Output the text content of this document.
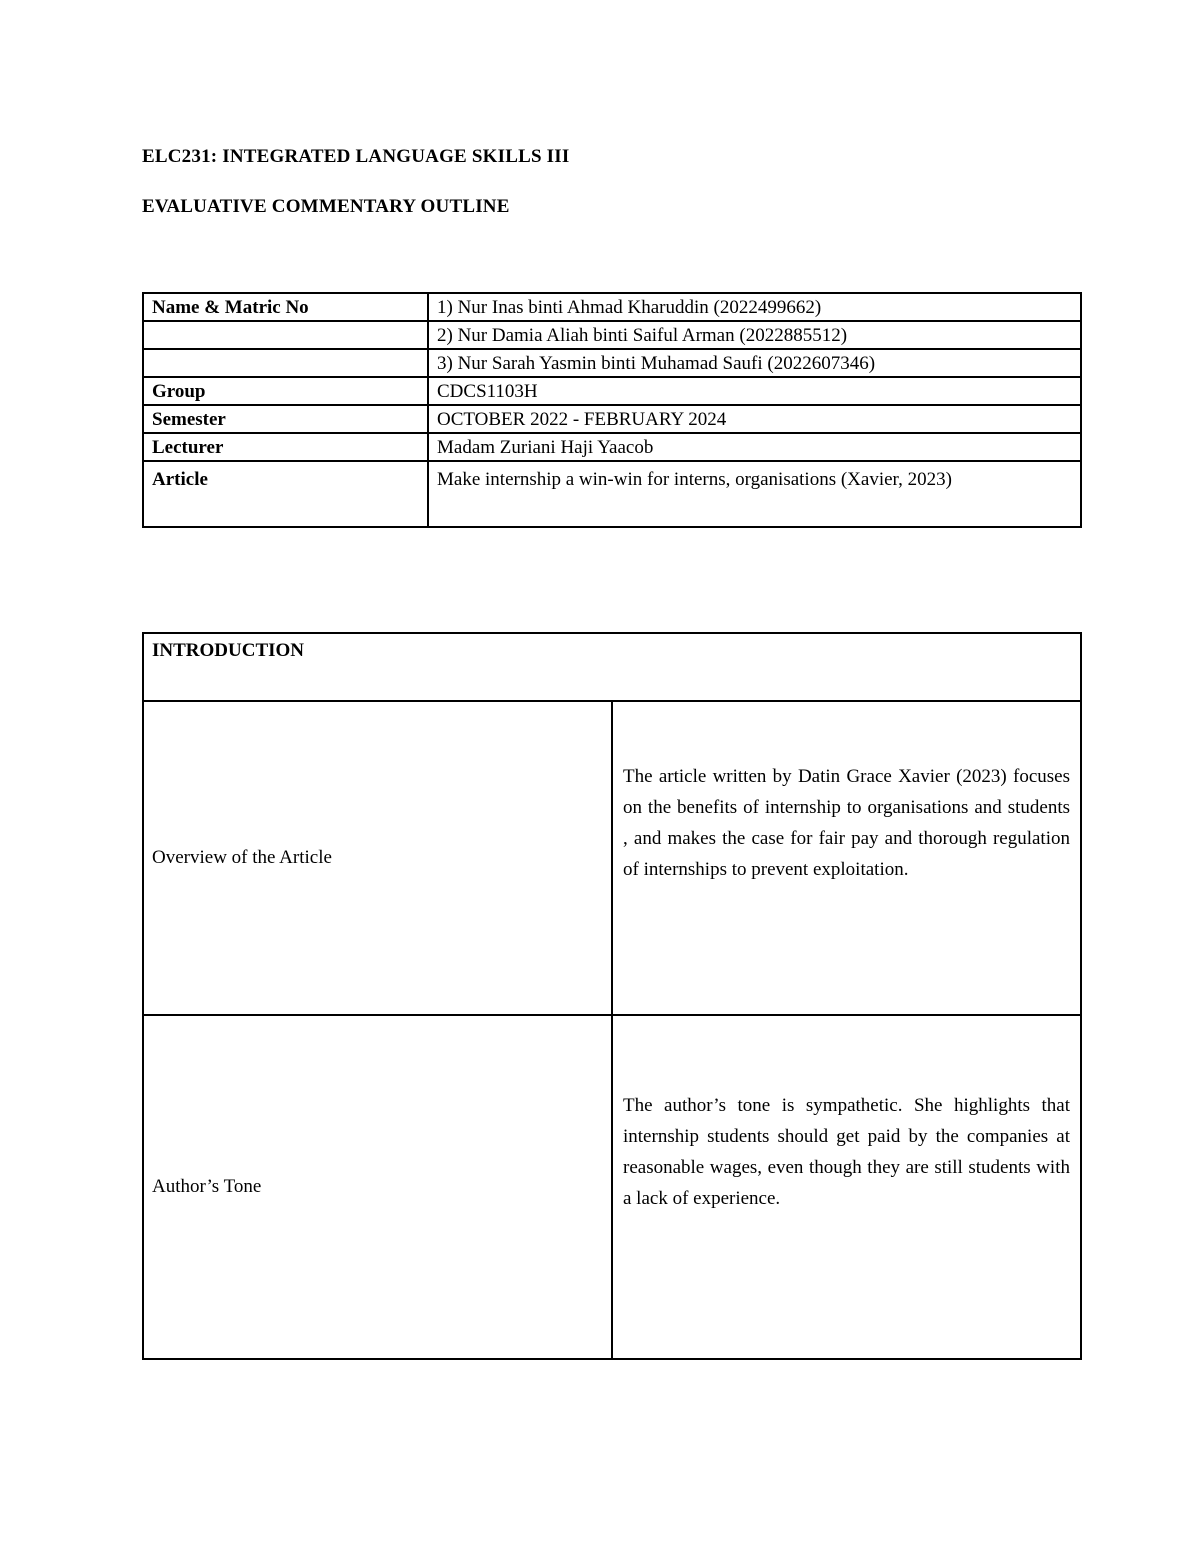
ELC231: INTEGRATED LANGUAGE SKILLS III
EVALUATIVE COMMENTARY OUTLINE
Name & Matric No	1) Nur Inas binti Ahmad Kharuddin (2022499662)
	2) Nur Damia Aliah binti Saiful Arman (2022885512)
	3) Nur Sarah Yasmin binti Muhamad Saufi (2022607346)
Group	CDCS1103H
Semester	OCTOBER 2022 - FEBRUARY 2024
Lecturer	Madam Zuriani Haji Yaacob
Article	Make internship a win-win for interns, organisations (Xavier, 2023)
INTRODUCTION	

Overview of the Article	The article written by Datin Grace Xavier (2023) focuses on the benefits of internship to organisations and students , and makes the case for fair pay and thorough regulation of internships to prevent exploitation.

Author’s Tone	The author’s tone is sympathetic. She highlights that internship students should get paid by the companies at reasonable wages, even though they are still students with a lack of experience.
